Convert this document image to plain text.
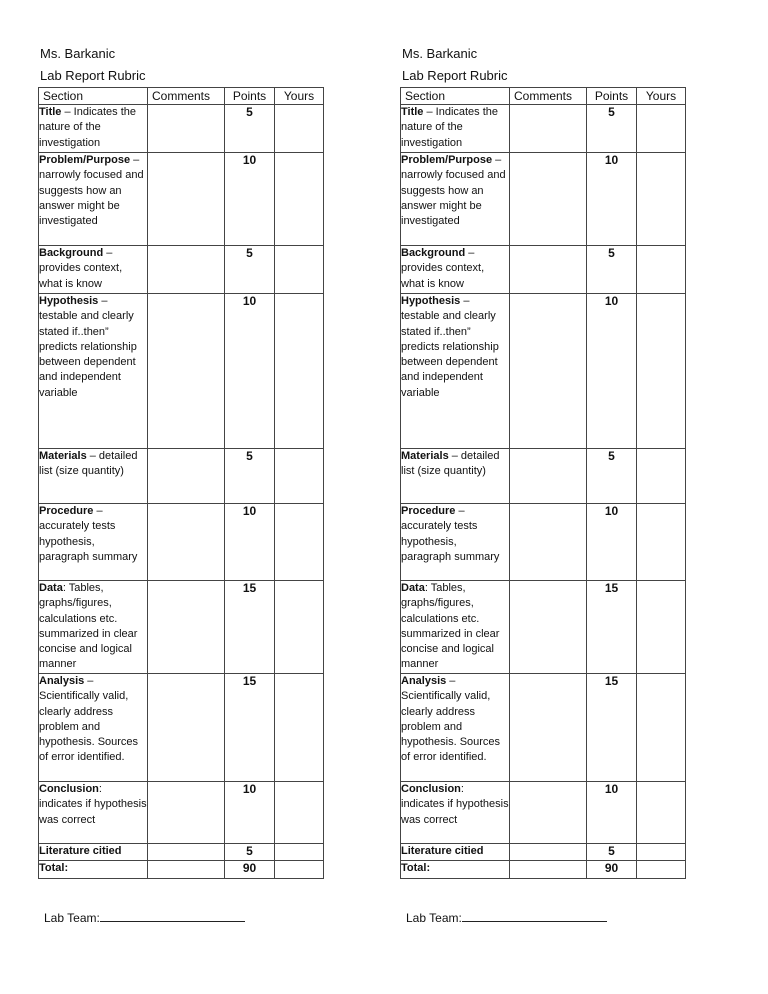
Ms. Barkanic
Lab Report Rubric
Section	Comments	Points	Yours
Title – Indicates the nature of the investigation		5	
Problem/Purpose – narrowly focused and suggests how an answer might be investigated		10	
Background – provides context, what is know		5	
Hypothesis – testable and clearly stated if..then” predicts relationship between dependent and independent variable		10	
Materials – detailed list (size quantity)		5	
Procedure – accurately tests hypothesis, paragraph summary		10	
Data: Tables, graphs/figures, calculations etc. summarized in clear concise and logical manner		15	
Analysis – Scientifically valid, clearly address problem and hypothesis. Sources of error identified.		15	
Conclusion: indicates if hypothesis was correct		10	
Literature citied		5	
Total:		90	
Ms. Barkanic
Lab Report Rubric
Section	Comments	Points	Yours
Title – Indicates the nature of the investigation		5	
Problem/Purpose – narrowly focused and suggests how an answer might be investigated		10	
Background – provides context, what is know		5	
Hypothesis – testable and clearly stated if..then” predicts relationship between dependent and independent variable		10	
Materials – detailed list (size quantity)		5	
Procedure – accurately tests hypothesis, paragraph summary		10	
Data: Tables, graphs/figures, calculations etc. summarized in clear concise and logical manner		15	
Analysis – Scientifically valid, clearly address problem and hypothesis. Sources of error identified.		15	
Conclusion: indicates if hypothesis was correct		10	
Literature citied		5	
Total:		90	
Lab Team:	Lab Team:
